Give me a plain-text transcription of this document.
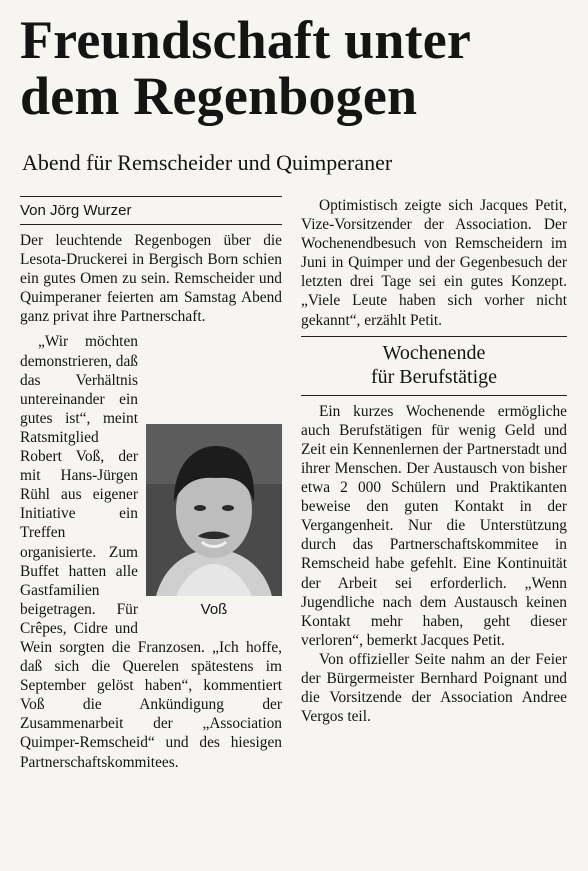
Freundschaft unter
dem Regenbogen
Abend für Remscheider und Quimperaner
Von Jörg Wurzer

Der leuchtende Regenbogen über die Lesota-Druckerei in Bergisch Born schien ein gutes Omen zu sein. Remscheider und Quimperaner feierten am Samstag Abend ganz privat ihre Partnerschaft.

Voß

„Wir möchten demonstrieren, daß das Verhältnis untereinander ein gutes ist“, meint Ratsmitglied Robert Voß, der mit Hans-Jürgen Rühl aus eigener Initiative ein Treffen organisierte. Zum Buffet hatten alle Gastfamilien beigetragen. Für Crêpes, Cidre und Wein sorgten die Franzosen. „Ich hoffe, daß sich die Querelen spätestens im September gelöst haben“, kommentiert Voß die Ankündigung der Zusammenarbeit der „Association Quimper-Remscheid“ und des hiesigen Partnerschaftskommitees.

Optimistisch zeigte sich Jacques Petit, Vize-Vorsitzender der Association. Der Wochenendbesuch von Remscheidern im Juni in Quimper und der Gegenbesuch der letzten drei Tage sei ein gutes Konzept. „Viele Leute haben sich vorher nicht gekannt“, erzählt Petit.

Wochenende
für Berufstätige

Ein kurzes Wochenende ermögliche auch Berufstätigen für wenig Geld und Zeit ein Kennenlernen der Partnerstadt und ihrer Menschen. Der Austausch von bisher etwa 2 000 Schülern und Praktikanten beweise den guten Kontakt in der Vergangenheit. Nur die Unterstützung durch das Partnerschaftskommitee in Remscheid habe gefehlt. Eine Kontinuität der Arbeit sei erforderlich. „Wenn Jugendliche nach dem Austausch keinen Kontakt mehr haben, geht dieser verloren“, bemerkt Jacques Petit.

Von offizieller Seite nahm an der Feier der Bürgermeister Bernhard Poignant und die Vorsitzende der Association Andree Vergos teil.
